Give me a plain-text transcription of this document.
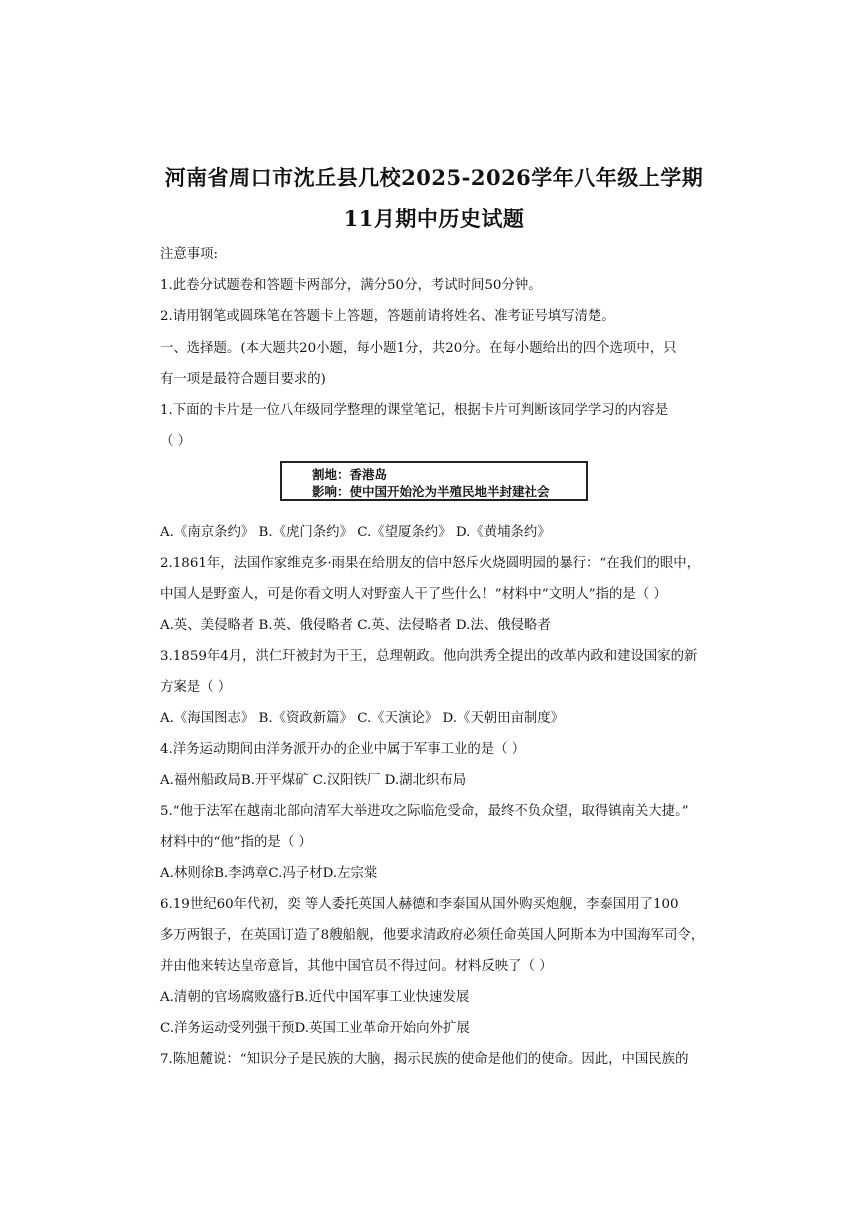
河南省周口市沈丘县几校2025-2026学年八年级上学期
11月期中历史试题
注意事项:
1.此卷分试题卷和答题卡两部分，满分50分，考试时间50分钟。
2.请用钢笔或圆珠笔在答题卡上答题，答题前请将姓名、准考证号填写清楚。
一、选择题。(本大题共20小题，每小题1分，共20分。在每小题给出的四个选项中，只
有一项是最符合题目要求的)
1.下面的卡片是一位八年级同学整理的课堂笔记，根据卡片可判断该同学学习的内容是
（ ）
割地：香港岛
影响：使中国开始沦为半殖民地半封建社会
A.《南京条约》 B.《虎门条约》 C.《望厦条约》 D.《黄埔条约》
2.1861年，法国作家维克多·雨果在给朋友的信中怒斥火烧圆明园的暴行：“在我们的眼中，
中国人是野蛮人，可是你看文明人对野蛮人干了些什么！”材料中“文明人”指的是（ ）
A.英、美侵略者 B.英、俄侵略者 C.英、法侵略者 D.法、俄侵略者
3.1859年4月，洪仁玕被封为干王，总理朝政。他向洪秀全提出的改革内政和建设国家的新
方案是（ ）
A.《海国图志》 B.《资政新篇》 C.《天演论》 D.《天朝田亩制度》
4.洋务运动期间由洋务派开办的企业中属于军事工业的是（ ）
A.福州船政局B.开平煤矿 C.汉阳铁厂 D.湖北织布局
5.“他于法军在越南北部向清军大举进攻之际临危受命，最终不负众望，取得镇南关大捷。”
材料中的“他”指的是（ ）
A.林则徐B.李鸿章C.冯子材D.左宗棠
6.19世纪60年代初，奕 等人委托英国人赫德和李泰国从国外购买炮舰，李泰国用了100
多万两银子，在英国订造了8艘船舰，他要求清政府必须任命英国人阿斯本为中国海军司令，
并由他来转达皇帝意旨，其他中国官员不得过问。材料反映了（ ）
A.清朝的官场腐败盛行B.近代中国军事工业快速发展
C.洋务运动受列强干预D.英国工业革命开始向外扩展
7.陈旭麓说：“知识分子是民族的大脑，揭示民族的使命是他们的使命。因此，中国民族的
